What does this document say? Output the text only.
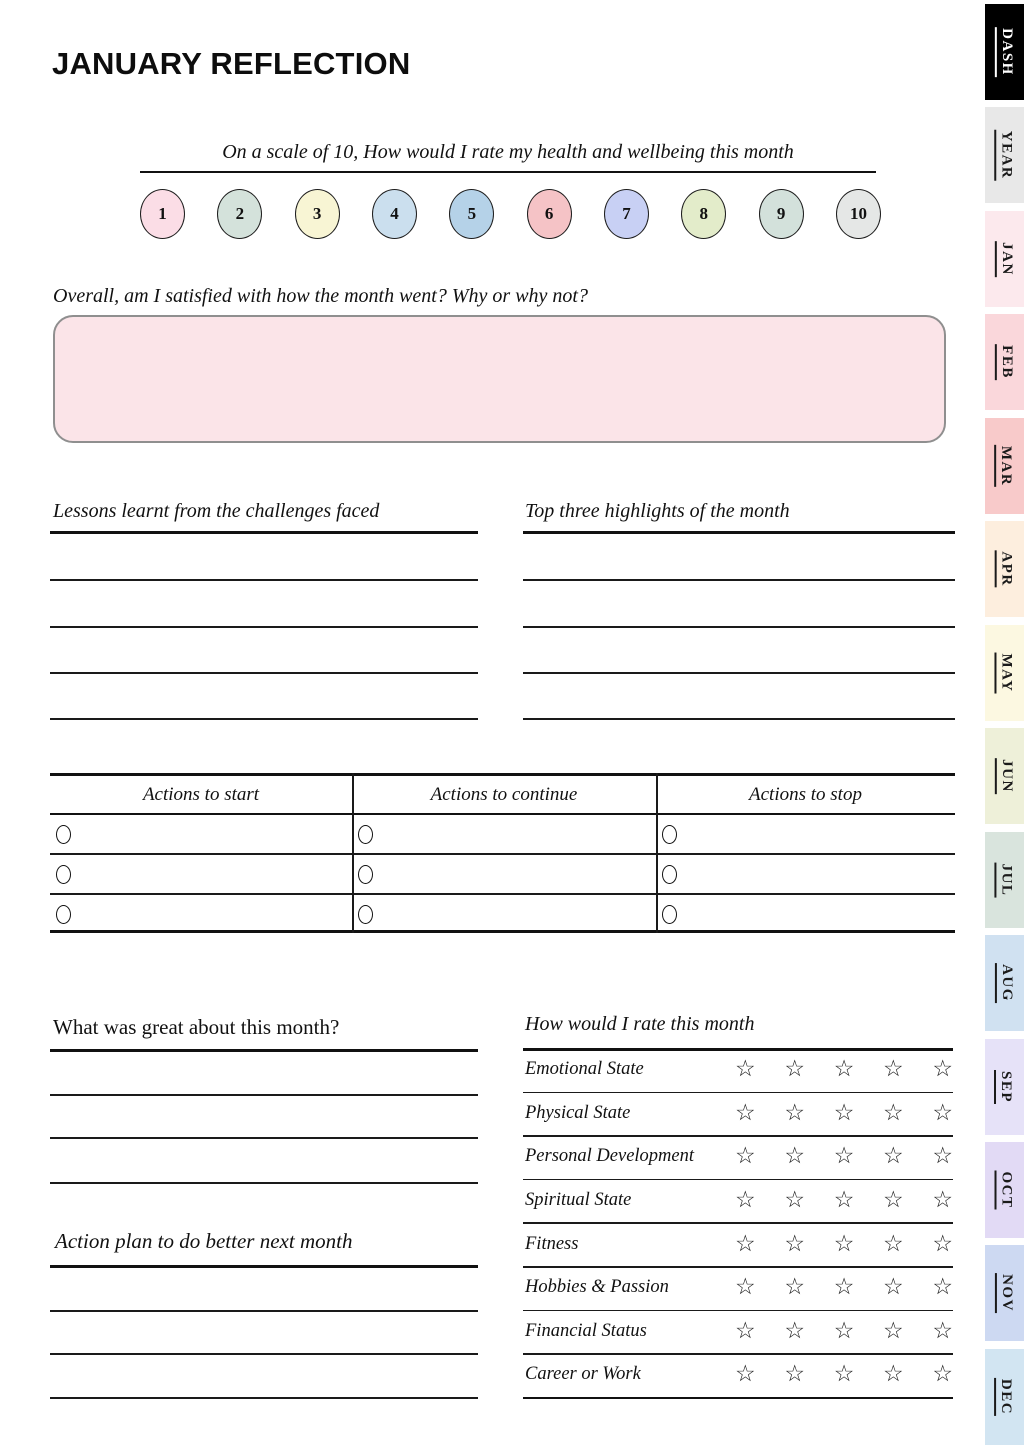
JANUARY REFLECTION
On a scale of 10, How would I rate my health and wellbeing this month
1	2	3	4	5	6	7	8	9	10
Overall, am I satisfied with how the month went? Why or why not?
Lessons learnt from the challenges faced	Top three highlights of the month
Actions to start	Actions to continue	Actions to stop
What was great about this month?
Action plan to do better next month
How would I rate this month
Emotional State	☆ ☆ ☆ ☆ ☆
Physical State	☆ ☆ ☆ ☆ ☆
Personal Development ☆ ☆ ☆ ☆ ☆
Spiritual State	☆ ☆ ☆ ☆ ☆
Fitness	☆ ☆ ☆ ☆ ☆
Hobbies & Passion	☆ ☆ ☆ ☆ ☆
Financial Status	☆ ☆ ☆ ☆ ☆
Career or Work	☆ ☆ ☆ ☆ ☆
DASH
YEAR
JAN
FEB
MAR
APR
MAY
JUN
JUL
AUG
SEP
OCT
NOV
DEC
